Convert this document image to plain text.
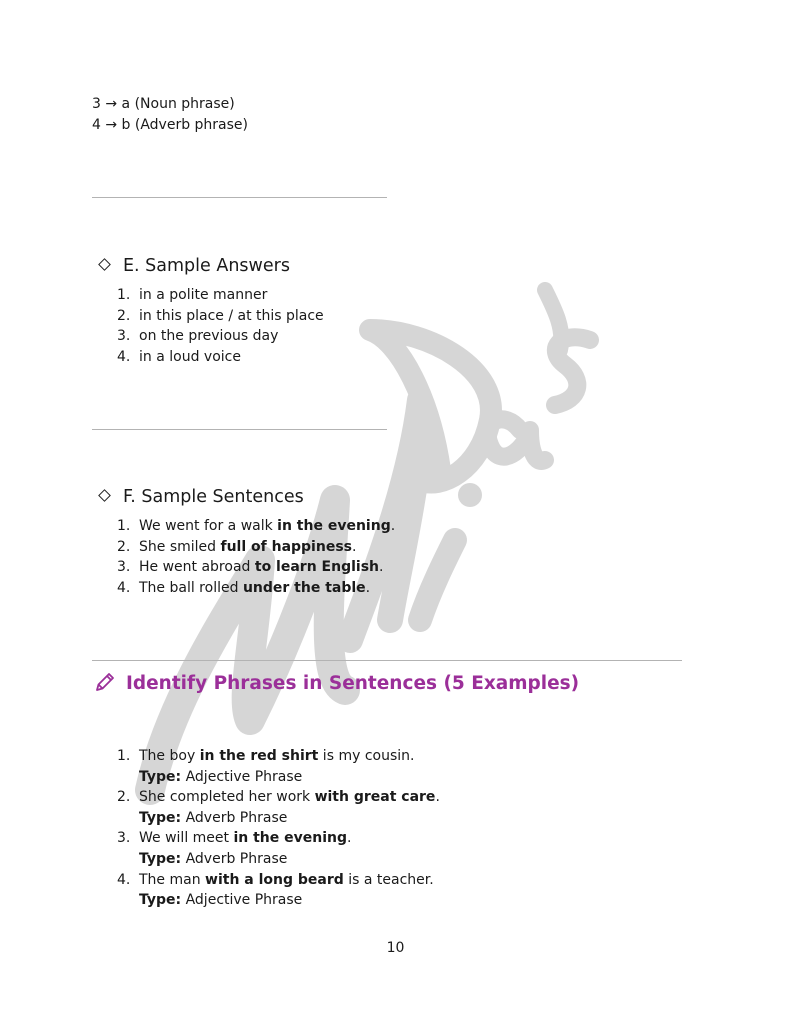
3 → a (Noun phrase)
4 → b (Adverb phrase)
E. Sample Answers
1. in a polite manner
2. in this place / at this place
3. on the previous day
4. in a loud voice
F. Sample Sentences
1. We went for a walk in the evening.
2. She smiled full of happiness.
3. He went abroad to learn English.
4. The ball rolled under the table.
Identify Phrases in Sentences (5 Examples)
1. The boy in the red shirt is my cousin.
Type: Adjective Phrase
2. She completed her work with great care.
Type: Adverb Phrase
3. We will meet in the evening.
Type: Adverb Phrase
4. The man with a long beard is a teacher.
Type: Adjective Phrase
10
